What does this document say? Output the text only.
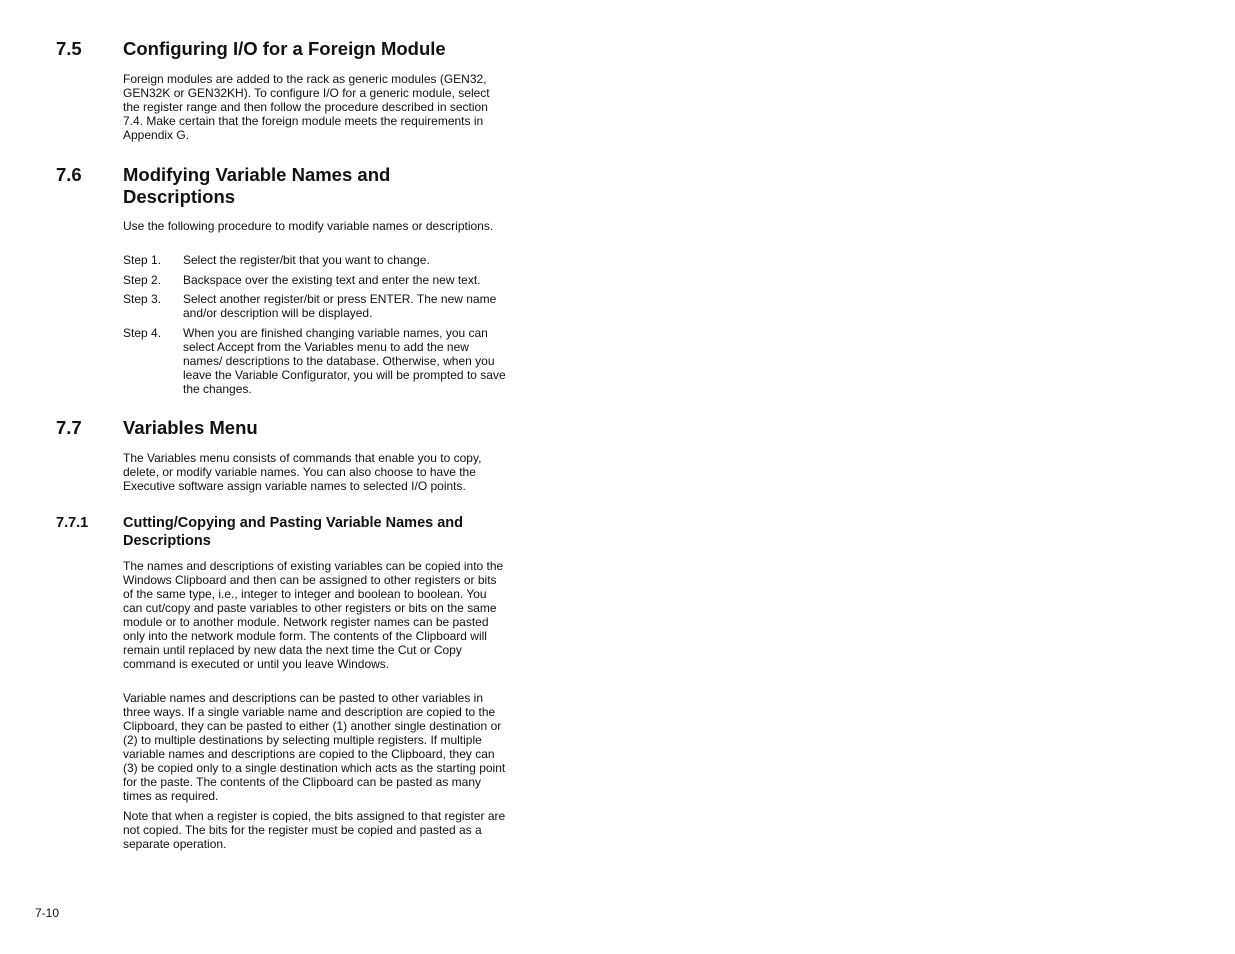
7.5 Configuring I/O for a Foreign Module

Foreign modules are added to the rack as generic modules (GEN32, GEN32K or GEN32KH). To configure I/O for a generic module, select the register range and then follow the procedure described in section 7.4. Make certain that the foreign module meets the requirements in Appendix G.

7.6 Modifying Variable Names and Descriptions

Use the following procedure to modify variable names or descriptions.

Step 1.	Select the register/bit that you want to change.
Step 2.	Backspace over the existing text and enter the new text.
Step 3.	Select another register/bit or press ENTER. The new name and/or description will be displayed.
Step 4.	When you are finished changing variable names, you can select Accept from the Variables menu to add the new names/ descriptions to the database. Otherwise, when you leave the Variable Configurator, you will be prompted to save the changes.
7.7 Variables Menu

The Variables menu consists of commands that enable you to copy, delete, or modify variable names. You can also choose to have the Executive software assign variable names to selected I/O points.

7.7.1 Cutting/Copying and Pasting Variable Names and Descriptions

The names and descriptions of existing variables can be copied into the Windows Clipboard and then can be assigned to other registers or bits of the same type, i.e., integer to integer and boolean to boolean. You can cut/copy and paste variables to other registers or bits on the same module or to another module. Network register names can be pasted only into the network module form. The contents of the Clipboard will remain until replaced by new data the next time the Cut or Copy command is executed or until you leave Windows.

Variable names and descriptions can be pasted to other variables in three ways. If a single variable name and description are copied to the Clipboard, they can be pasted to either (1) another single destination or (2) to multiple destinations by selecting multiple registers. If multiple variable names and descriptions are copied to the Clipboard, they can (3) be copied only to a single destination which acts as the starting point for the paste. The contents of the Clipboard can be pasted as many times as required.

Note that when a register is copied, the bits assigned to that register are not copied. The bits for the register must be copied and pasted as a separate operation.

7-10
